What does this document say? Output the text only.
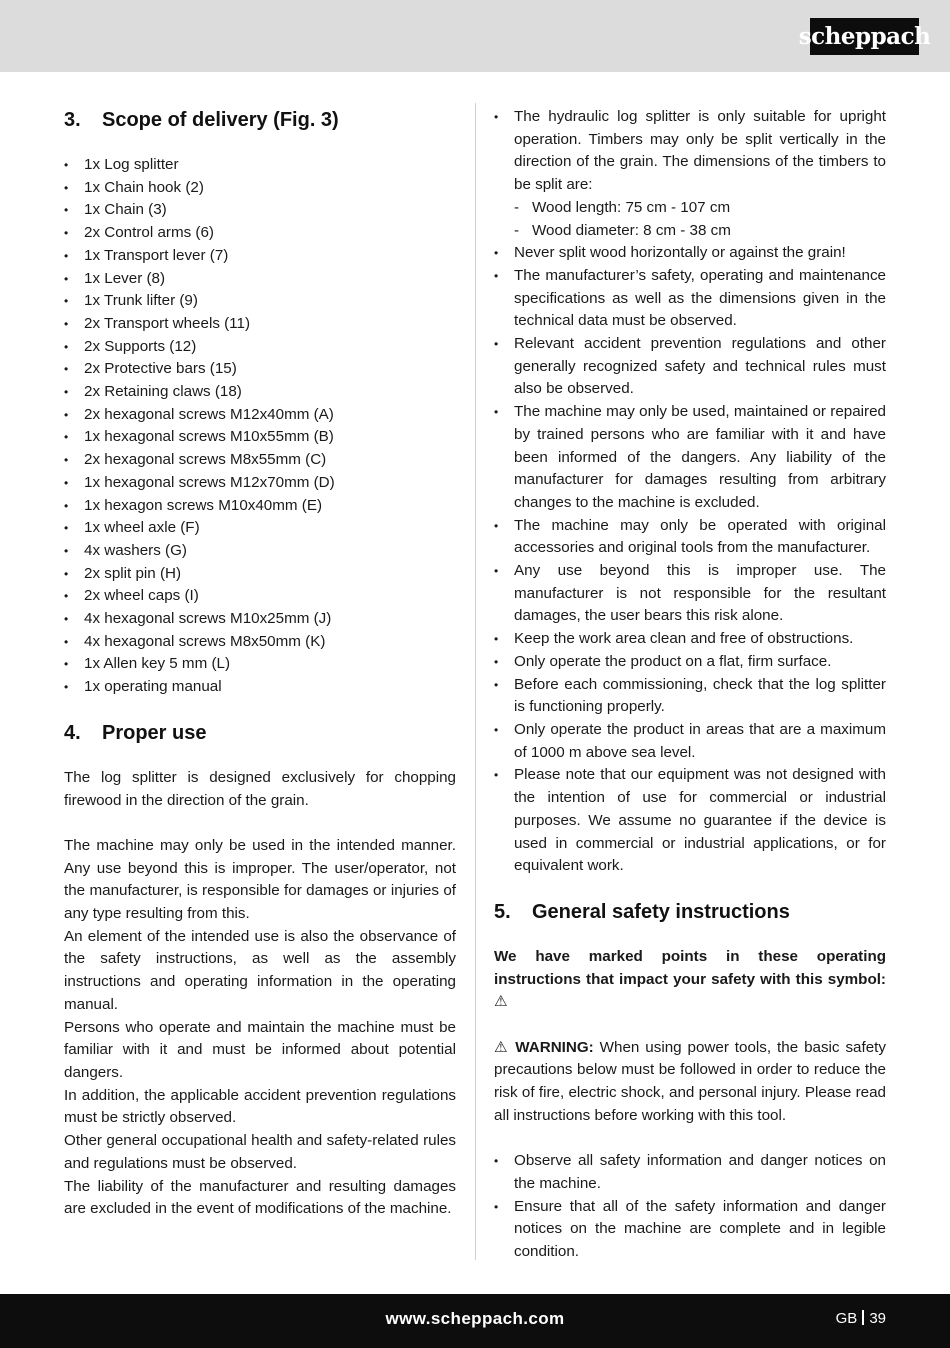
scheppach
3. Scope of delivery (Fig. 3)
• 1x Log splitter
• 1x Chain hook (2)
• 1x Chain (3)
• 2x Control arms (6)
• 1x Transport lever (7)
• 1x Lever (8)
• 1x Trunk lifter (9)
• 2x Transport wheels (11)
• 2x Supports (12)
• 2x Protective bars (15)
• 2x Retaining claws (18)
• 2x hexagonal screws M12x40mm (A)
• 1x hexagonal screws M10x55mm (B)
• 2x hexagonal screws M8x55mm (C)
• 1x hexagonal screws M12x70mm (D)
• 1x hexagon screws M10x40mm (E)
• 1x wheel axle (F)
• 4x washers (G)
• 2x split pin (H)
• 2x wheel caps (I)
• 4x hexagonal screws M10x25mm (J)
• 4x hexagonal screws M8x50mm (K)
• 1x Allen key 5 mm (L)
• 1x operating manual
4. Proper use

The log splitter is designed exclusively for chopping firewood in the direction of the grain.

The machine may only be used in the intended manner. Any use beyond this is improper. The user/operator, not the manufacturer, is responsible for damages or injuries of any type resulting from this.

An element of the intended use is also the observance of the safety instructions, as well as the assembly instructions and operating information in the operating manual.

Persons who operate and maintain the machine must be familiar with it and must be informed about potential dangers.

In addition, the applicable accident prevention regulations must be strictly observed.

Other general occupational health and safety-related rules and regulations must be observed.

The liability of the manufacturer and resulting damages are excluded in the event of modifications of the machine.

• The hydraulic log splitter is only suitable for upright operation. Timbers may only be split vertically in the direction of the grain. The dimensions of the timbers to be split are:
- Wood length: 75 cm - 107 cm
- Wood diameter: 8 cm - 38 cm
• Never split wood horizontally or against the grain!
• The manufacturer’s safety, operating and maintenance specifications as well as the dimensions given in the technical data must be observed.
• Relevant accident prevention regulations and other generally recognized safety and technical rules must also be observed.
• The machine may only be used, maintained or repaired by trained persons who are familiar with it and have been informed of the dangers. Any liability of the manufacturer for damages resulting from arbitrary changes to the machine is excluded.
• The machine may only be operated with original accessories and original tools from the manufacturer.
• Any use beyond this is improper use. The manufacturer is not responsible for the resultant damages, the user bears this risk alone.
• Keep the work area clean and free of obstructions.
• Only operate the product on a flat, firm surface.
• Before each commissioning, check that the log splitter is functioning properly.
• Only operate the product in areas that are a maximum of 1000 m above sea level.
• Please note that our equipment was not designed with the intention of use for commercial or industrial purposes. We assume no guarantee if the device is used in commercial or industrial applications, or for equivalent work.
5. General safety instructions

We have marked points in these operating instructions that impact your safety with this symbol: ⚠

⚠ WARNING: When using power tools, the basic safety precautions below must be followed in order to reduce the risk of fire, electric shock, and personal injury. Please read all instructions before working with this tool.

• Observe all safety information and danger notices on the machine.
• Ensure that all of the safety information and danger notices on the machine are complete and in legible condition.
www.scheppach.com	GB 39
